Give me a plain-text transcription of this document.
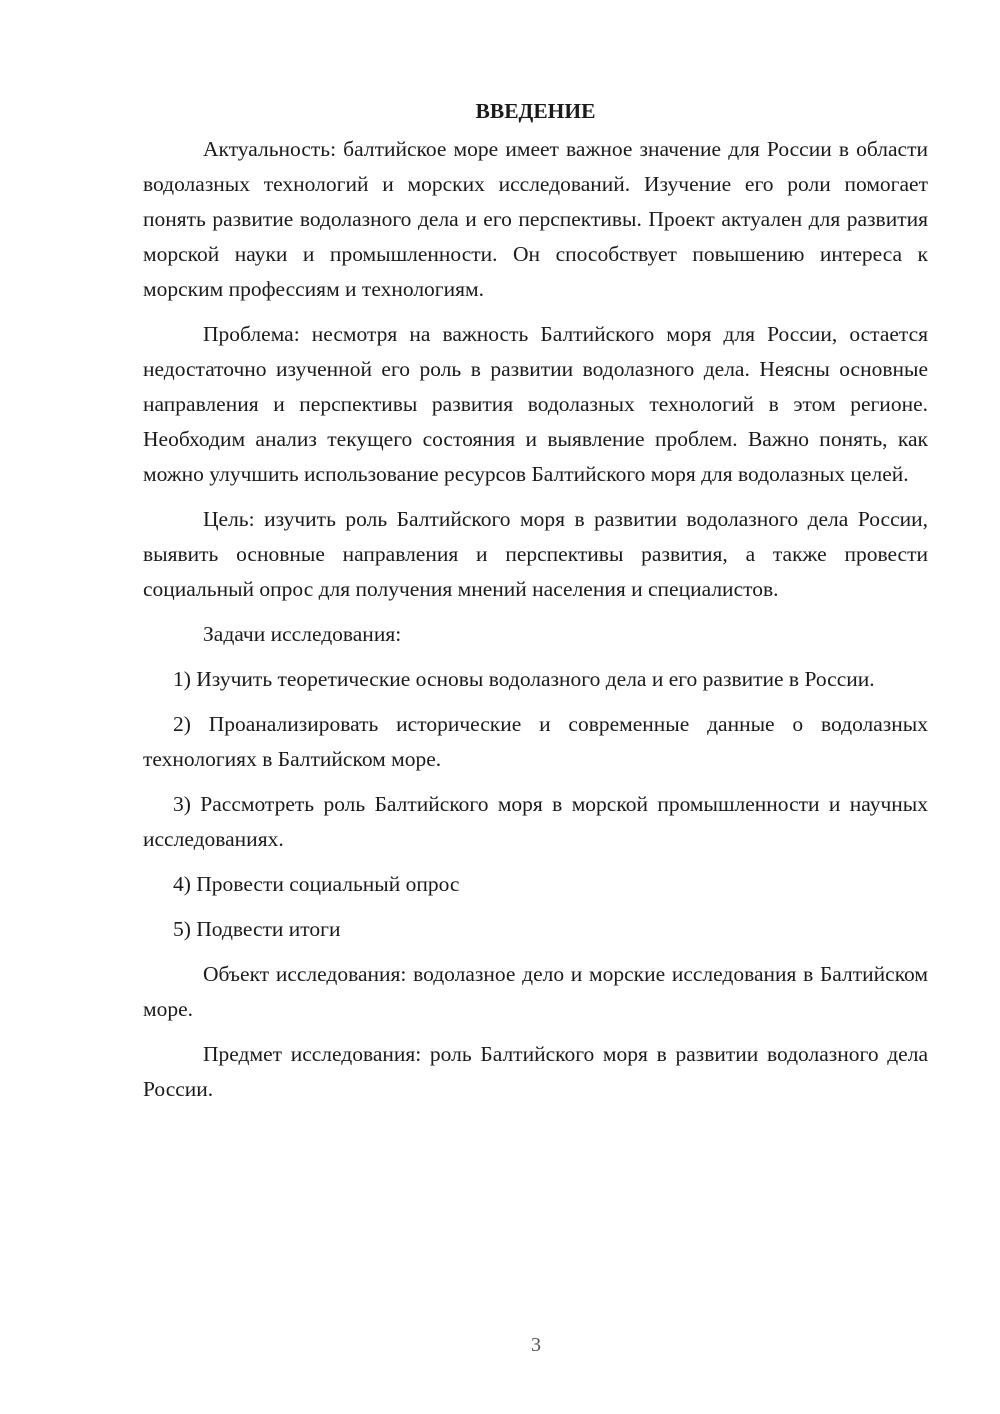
ВВЕДЕНИЕ

Актуальность: балтийское море имеет важное значение для России в области водолазных технологий и морских исследований. Изучение его роли помогает понять развитие водолазного дела и его перспективы. Проект актуален для развития морской науки и промышленности. Он способствует повышению интереса к морским профессиям и технологиям.

Проблема: несмотря на важность Балтийского моря для России, остается недостаточно изученной его роль в развитии водолазного дела. Неясны основные направления и перспективы развития водолазных технологий в этом регионе. Необходим анализ текущего состояния и выявление проблем. Важно понять, как можно улучшить использование ресурсов Балтийского моря для водолазных целей.

Цель: изучить роль Балтийского моря в развитии водолазного дела России, выявить основные направления и перспективы развития, а также провести социальный опрос для получения мнений населения и специалистов.

Задачи исследования:

1) Изучить теоретические основы водолазного дела и его развитие в России.

2) Проанализировать исторические и современные данные о водолазных технологиях в Балтийском море.

3) Рассмотреть роль Балтийского моря в морской промышленности и научных исследованиях.

4) Провести социальный опрос

5) Подвести итоги

Объект исследования: водолазное дело и морские исследования в Балтийском море.

Предмет исследования: роль Балтийского моря в развитии водолазного дела России.

3
